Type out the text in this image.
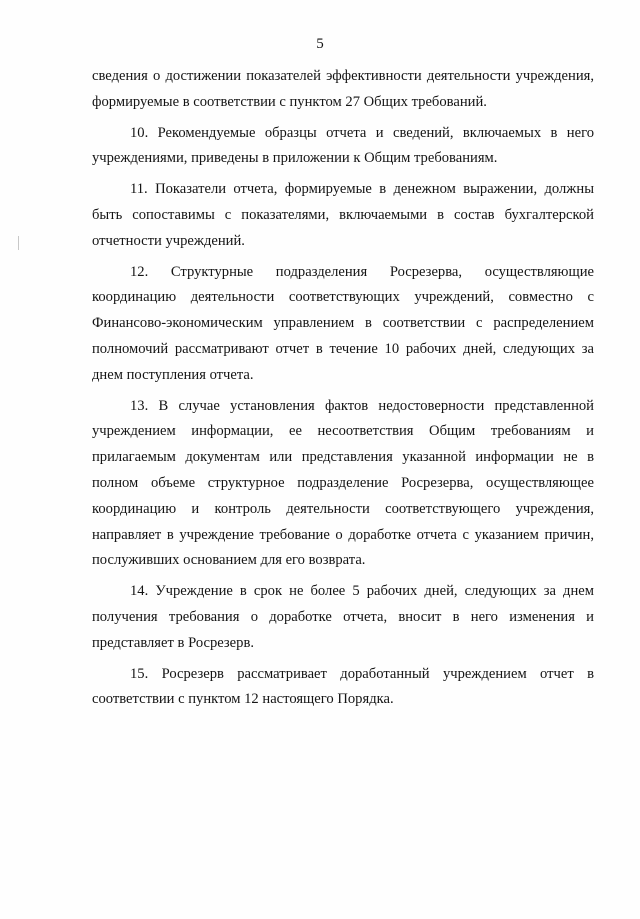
5

сведения о достижении показателей эффективности деятельности учреждения, формируемые в соответствии с пунктом 27 Общих требований.

10. Рекомендуемые образцы отчета и сведений, включаемых в него учреждениями, приведены в приложении к Общим требованиям.

11. Показатели отчета, формируемые в денежном выражении, должны быть сопоставимы с показателями, включаемыми в состав бухгалтерской отчетности учреждений.

12. Структурные подразделения Росрезерва, осуществляющие координацию деятельности соответствующих учреждений, совместно с Финансово-экономическим управлением в соответствии с распределением полномочий рассматривают отчет в течение 10 рабочих дней, следующих за днем поступления отчета.

13. В случае установления фактов недостоверности представленной учреждением информации, ее несоответствия Общим требованиям и прилагаемым документам или представления указанной информации не в полном объеме структурное подразделение Росрезерва, осуществляющее координацию и контроль деятельности соответствующего учреждения, направляет в учреждение требование о доработке отчета с указанием причин, послуживших основанием для его возврата.

14. Учреждение в срок не более 5 рабочих дней, следующих за днем получения требования о доработке отчета, вносит в него изменения и представляет в Росрезерв.

15. Росрезерв рассматривает доработанный учреждением отчет в соответствии с пунктом 12 настоящего Порядка.
